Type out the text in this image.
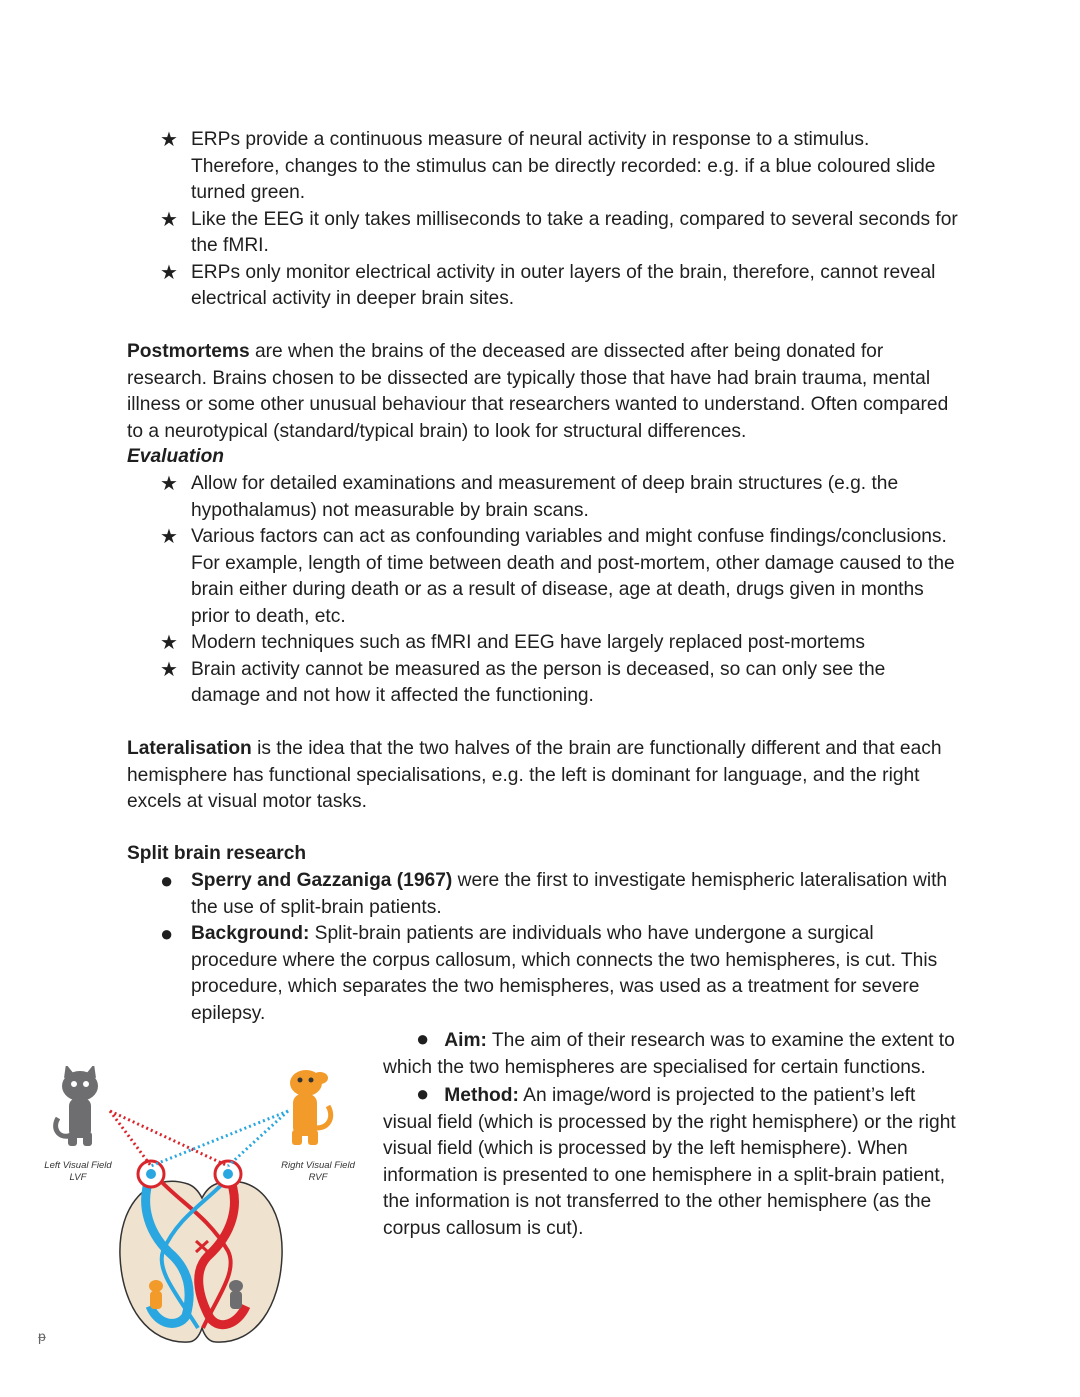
★ ERPs provide a continuous measure of neural activity in response to a stimulus. Therefore, changes to the stimulus can be directly recorded: e.g. if a blue coloured slide turned green.
★ Like the EEG it only takes milliseconds to take a reading, compared to several seconds for the fMRI.
★ ERPs only monitor electrical activity in outer layers of the brain, therefore, cannot reveal electrical activity in deeper brain sites.

Postmortems are when the brains of the deceased are dissected after being donated for research. Brains chosen to be dissected are typically those that have had brain trauma, mental illness or some other unusual behaviour that researchers wanted to understand. Often compared to a neurotypical (standard/typical brain) to look for structural differences.

Evaluation

★ Allow for detailed examinations and measurement of deep brain structures (e.g. the hypothalamus) not measurable by brain scans.
★ Various factors can act as confounding variables and might confuse findings/conclusions. For example, length of time between death and post-mortem, other damage caused to the brain either during death or as a result of disease, age at death, drugs given in months prior to death, etc.
★ Modern techniques such as fMRI and EEG have largely replaced post-mortems
★ Brain activity cannot be measured as the person is deceased, so can only see the damage and not how it affected the functioning.

Lateralisation is the idea that the two halves of the brain are functionally different and that each hemisphere has functional specialisations, e.g. the left is dominant for language, and the right excels at visual motor tasks.

Split brain research

● Sperry and Gazzaniga (1967) were the first to investigate hemispheric lateralisation with the use of split-brain patients.
● Background: Split-brain patients are individuals who have undergone a surgical procedure where the corpus callosum, which connects the two hemispheres, is cut. This procedure, which separates the two hemispheres, was used as a treatment for severe epilepsy.

● Aim: The aim of their research was to examine the extent to which the two hemispheres are specialised for certain functions.

● Method: An image/word is projected to the patient’s left visual field (which is processed by the right hemisphere) or the right visual field (which is processed by the left hemisphere). When information is presented to one hemisphere in a split-brain patient, the information is not transferred to the other hemisphere (as the corpus callosum is cut).

Left Visual Field
LVF
Right Visual Field
RVF
ᵽ
